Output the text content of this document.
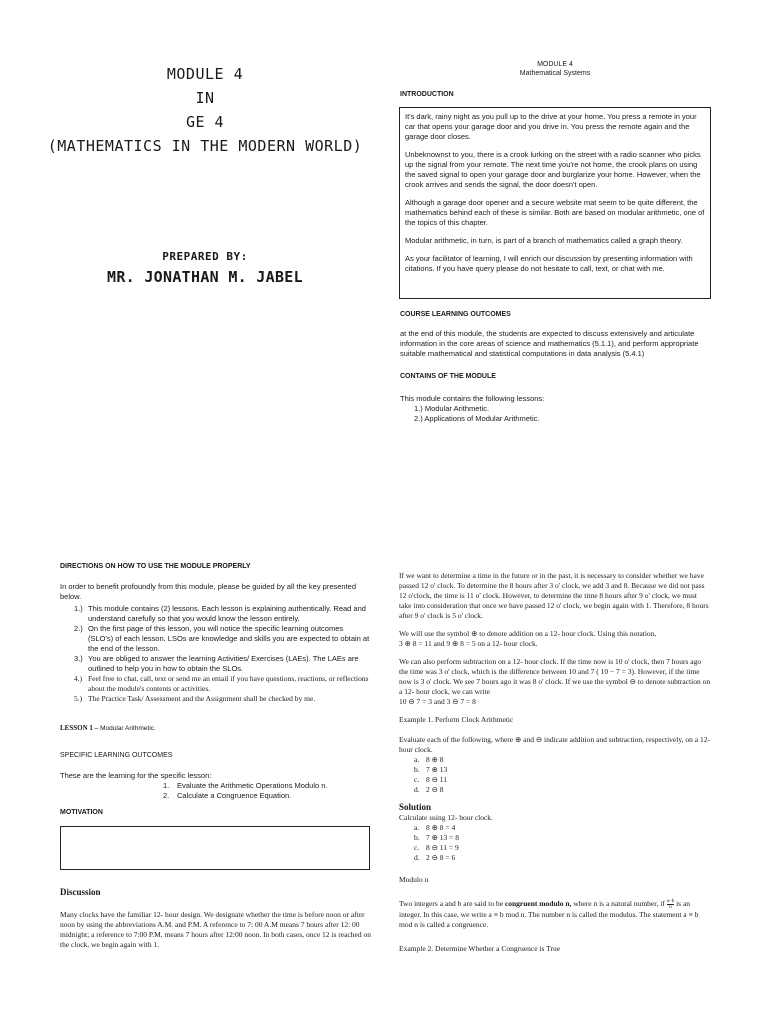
MODULE 4
IN
GE 4
(MATHEMATICS IN THE MODERN WORLD)
PREPARED BY:
MR. JONATHAN M. JABEL
MODULE 4
Mathematical Systems
INTRODUCTION

It's dark, rainy night as you pull up to the drive at your home. You press a remote in your car that opens your garage door and you drive in. You press the remote again and the garage door closes.

Unbeknownst to you, there is a crook lurking on the street with a radio scanner who picks up the signal from your remote. The next time you're not home, the crook plans on using the saved signal to open your garage door and burglarize your home. However, when the crook arrives and sends the signal, the door doesn't open.

Although a garage door opener and a secure website mat seem to be quite different, the mathematics behind each of these is similar. Both are based on modular arithmetic, one of the topics of this chapter.

Modular arithmetic, in turn, is part of a branch of mathematics called a graph theory.

As your facilitator of learning, I will enrich our discussion by presenting information with citations. If you have query please do not hesitate to call, text, or chat with me.

COURSE LEARNING OUTCOMES
at the end of this module, the students are expected to discuss extensively and articulate information in the core areas of science and mathematics (5.1.1), and perform appropriate suitable mathematical and statistical computations in data analysis (5.4.1)
CONTAINS OF THE MODULE
This module contains the following lessons:
1.) Modular Arithmetic.
2.) Applications of Modular Arithmetic.
DIRECTIONS ON HOW TO USE THE MODULE PROPERLY
In order to benefit profoundly from this module, please be guided by all the key presented below.
1.) This module contains (2) lessons. Each lesson is explaining authentically. Read and understand carefully so that you would know the lesson entirely.
2.) On the first page of this lesson, you will notice the specific learning outcomes (SLO's) of each lesson. LSOs are knowledge and skills you are expected to obtain at the end of the lesson.
3.) You are obliged to answer the learning Activities/ Exercises (LAEs). The LAEs are outlined to help you in how to obtain the SLOs.
4.) Feel free to chat, call, text or send me an email if you have questions, reactions, or reflections about the module's contents or activities.
5.) The Practice Task/ Assessment and the Assignment shall be checked by me.
LESSON 1 – Modular Arithmetic.
SPECIFIC LEARNING OUTCOMES
These are the learning for the specific lesson:
1.	Evaluate the Arithmetic Operations Modulo n.
2.	Calculate a Congruence Equation.
MOTIVATION
Discussion
Many clocks have the familiar 12- hour design. We designate whether the time is before noon or after noon by using the abbreviations A.M. and P.M. A reference to 7: 00 A.M means 7 hours after 12: 00 midnight; a reference to 7:00 P.M. means 7 hours after 12:00 noon. In both cases, once 12 is reached on the clock, we begin again with 1.

If we want to determine a time in the future or in the past, it is necessary to consider whether we have passed 12 o' clock. To determine the 8 hours after 3 o' clock, we add 3 and 8. Because we did not pass 12 o'clock, the time is 11 o' clock. However, to determine the time 8 hours after 9 o' clock, we must take into consideration that once we have passed 12 o' clock, we begin again with 1. Therefore, 8 hours after 9 o' clock is 5 o' clock.

We will use the symbol ⊕ to denote addition on a 12- hour clock. Using this notation,
3 ⊕ 8 = 11 and 9 ⊕ 8 = 5 on a 12- hour clock.

We can also perform subtraction on a 12- hour clock. If the time now is 10 o' clock, then 7 hours ago the time was 3 o' clock, which is the difference between 10 and 7 ( 10 − 7 = 3). However, if the time now is 3 o' clock. We see 7 hours ago it was 8 o' clock. If we use the symbol ⊖ to denote subtraction on a 12- hour clock, we can write
10 ⊖ 7 = 3 and 3 ⊖ 7 = 8

Example 1. Perform Clock Arithmetic

Evaluate each of the following, where ⊕ and ⊖ indicate addition and subtraction, respectively, on a 12- hour clock.
a. 8 ⊕ 8
b. 7 ⊕ 13
c. 8 ⊖ 11
d. 2 ⊖ 8
Solution
Calculate using 12- hour clock.
a. 8 ⊕ 8 = 4
b. 7 ⊕ 13 = 8
c. 8 ⊖ 11 = 9
d. 2 ⊖ 8 = 6
Modulo n

Two integers a and b are said to be congruent modulo n, where n is a natural number, if $\frac{a-b}{n}$ is an integer. In this case, we write a ≡ b mod n. The number n is called the modulus. The statement a ≡ b mod n is called a congruence.

Example 2. Determine Whether a Congruence is True
